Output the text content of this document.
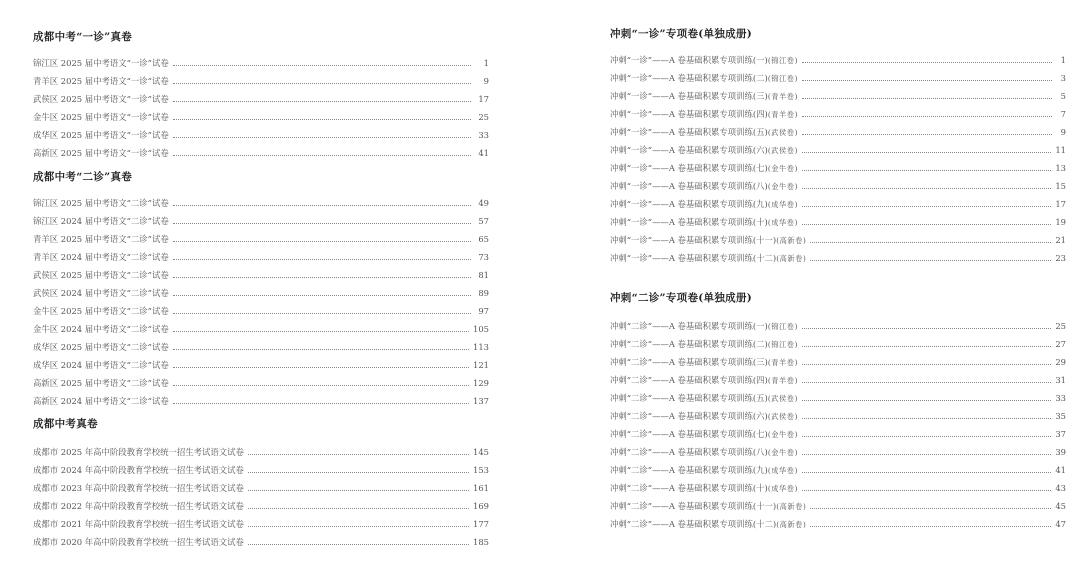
成都中考“一诊”真卷
锦江区 2025 届中考语文“一诊”试卷	1
青羊区 2025 届中考语文“一诊”试卷	9
武侯区 2025 届中考语文“一诊”试卷	17
金牛区 2025 届中考语文“一诊”试卷	25
成华区 2025 届中考语文“一诊”试卷	33
高新区 2025 届中考语文“一诊”试卷	41
成都中考“二诊”真卷
锦江区 2025 届中考语文“二诊”试卷	49
锦江区 2024 届中考语文“二诊”试卷	57
青羊区 2025 届中考语文“二诊”试卷	65
青羊区 2024 届中考语文“二诊”试卷	73
武侯区 2025 届中考语文“二诊”试卷	81
武侯区 2024 届中考语文“二诊”试卷	89
金牛区 2025 届中考语文“二诊”试卷	97
金牛区 2024 届中考语文“二诊”试卷	105
成华区 2025 届中考语文“二诊”试卷	113
成华区 2024 届中考语文“二诊”试卷	121
高新区 2025 届中考语文“二诊”试卷	129
高新区 2024 届中考语文“二诊”试卷	137
成都中考真卷
成都市 2025 年高中阶段教育学校统一招生考试语文试卷	145
成都市 2024 年高中阶段教育学校统一招生考试语文试卷	153
成都市 2023 年高中阶段教育学校统一招生考试语文试卷	161
成都市 2022 年高中阶段教育学校统一招生考试语文试卷	169
成都市 2021 年高中阶段教育学校统一招生考试语文试卷	177
成都市 2020 年高中阶段教育学校统一招生考试语文试卷	185
冲刺“一诊”专项卷(单独成册)
冲刺“一诊”——A 卷基础积累专项训练(一) (锦江卷)	1
冲刺“一诊”——A 卷基础积累专项训练(二) (锦江卷)	3
冲刺“一诊”——A 卷基础积累专项训练(三) (青羊卷)	5
冲刺“一诊”——A 卷基础积累专项训练(四) (青羊卷)	7
冲刺“一诊”——A 卷基础积累专项训练(五) (武侯卷)	9
冲刺“一诊”——A 卷基础积累专项训练(六) (武侯卷)	11
冲刺“一诊”——A 卷基础积累专项训练(七) (金牛卷)	13
冲刺“一诊”——A 卷基础积累专项训练(八) (金牛卷)	15
冲刺“一诊”——A 卷基础积累专项训练(九) (成华卷)	17
冲刺“一诊”——A 卷基础积累专项训练(十) (成华卷)	19
冲刺“一诊”——A 卷基础积累专项训练(十一) (高新卷)	21
冲刺“一诊”——A 卷基础积累专项训练(十二) (高新卷)	23
冲刺“二诊”专项卷(单独成册)
冲刺“二诊”——A 卷基础积累专项训练(一) (锦江卷)	25
冲刺“二诊”——A 卷基础积累专项训练(二) (锦江卷)	27
冲刺“二诊”——A 卷基础积累专项训练(三) (青羊卷)	29
冲刺“二诊”——A 卷基础积累专项训练(四) (青羊卷)	31
冲刺“二诊”——A 卷基础积累专项训练(五) (武侯卷)	33
冲刺“二诊”——A 卷基础积累专项训练(六) (武侯卷)	35
冲刺“二诊”——A 卷基础积累专项训练(七) (金牛卷)	37
冲刺“二诊”——A 卷基础积累专项训练(八) (金牛卷)	39
冲刺“二诊”——A 卷基础积累专项训练(九) (成华卷)	41
冲刺“二诊”——A 卷基础积累专项训练(十) (成华卷)	43
冲刺“二诊”——A 卷基础积累专项训练(十一) (高新卷)	45
冲刺“二诊”——A 卷基础积累专项训练(十二) (高新卷)	47
